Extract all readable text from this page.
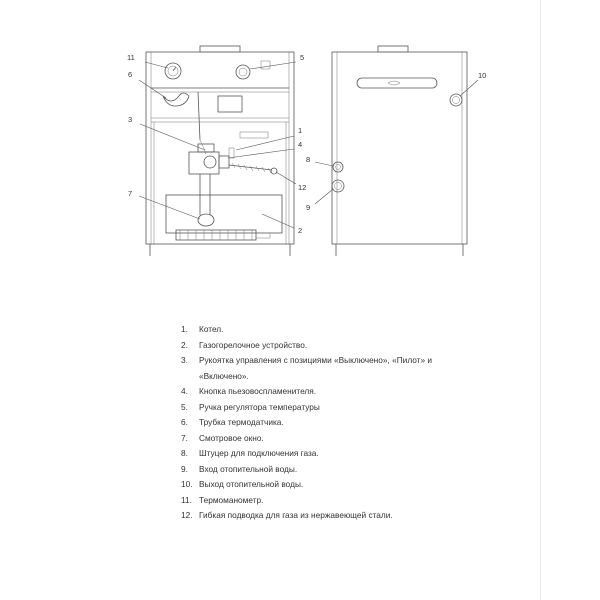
11	5
6
3
1
4
8
12
7
9
2
10
1. Котел.
2. Газогорелочное устройство.
3. Рукоятка управления с позициями «Выключено», «Пилот» и «Включено».
4. Кнопка пьезовоспламенителя.
5. Ручка регулятора температуры
6. Трубка термодатчика.
7. Смотровое окно.
8. Штуцер для подключения газа.
9. Вход отопительной воды.
10. Выход отопительной воды.
11. Термоманометр.
12. Гибкая подводка для газа из нержавеющей стали.
